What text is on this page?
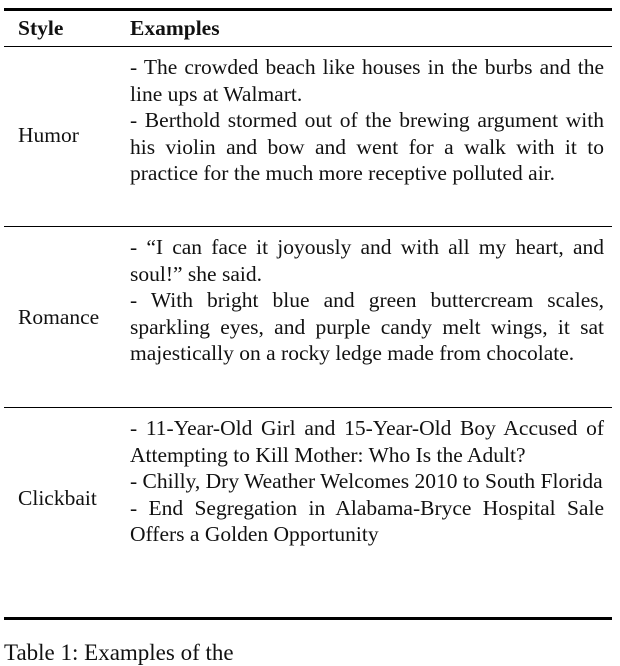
Style	Examples
Humor
- The crowded beach like houses in the burbs and the line ups at Walmart.
- Berthold stormed out of the brewing argument with his violin and bow and went for a walk with it to practice for the much more receptive polluted air.
Romance
- “I can face it joyously and with all my heart, and soul!” she said.
- With bright blue and green buttercream scales, sparkling eyes, and purple candy melt wings, it sat majestically on a rocky ledge made from chocolate.
Clickbait
- 11-Year-Old Girl and 15-Year-Old Boy Accused of Attempting to Kill Mother: Who Is the Adult?
- Chilly, Dry Weather Welcomes 2010 to South Florida
- End Segregation in Alabama-Bryce Hospital Sale Offers a Golden Opportunity
Table 1: Examples of the
